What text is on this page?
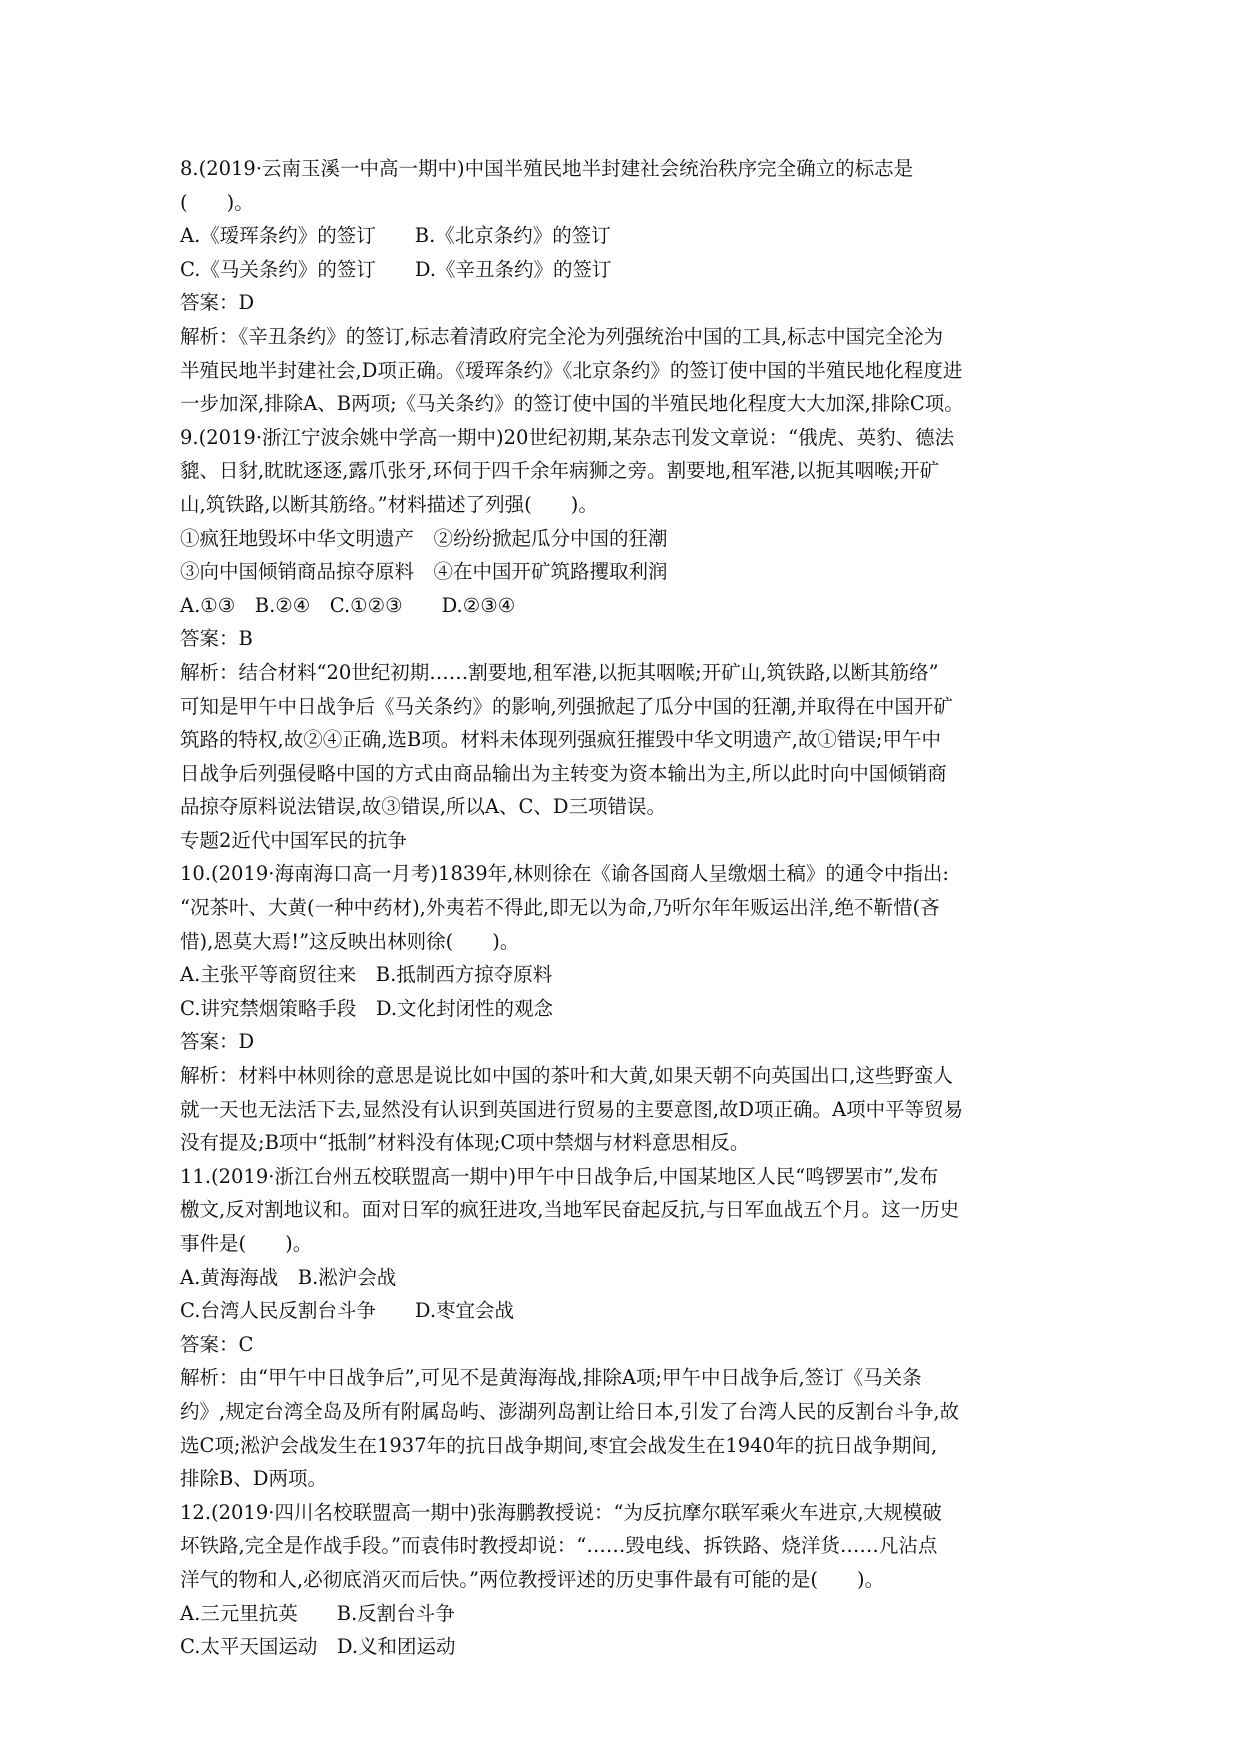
8.(2019·云南玉溪一中高一期中)中国半殖民地半封建社会统治秩序完全确立的标志是
(　　)。
A.《瑷珲条约》的签订　　B.《北京条约》的签订
C.《马关条约》的签订　　D.《辛丑条约》的签订
答案：D
解析：《辛丑条约》的签订,标志着清政府完全沦为列强统治中国的工具,标志中国完全沦为
半殖民地半封建社会,D项正确。《瑷珲条约》《北京条约》的签订使中国的半殖民地化程度进
一步加深,排除A、B两项;《马关条约》的签订使中国的半殖民地化程度大大加深,排除C项。
9.(2019·浙江宁波余姚中学高一期中)20世纪初期,某杂志刊发文章说：“俄虎、英豹、德法
貔、日豺,眈眈逐逐,露爪张牙,环伺于四千余年病狮之旁。割要地,租军港,以扼其咽喉;开矿
山,筑铁路,以断其筋络。”材料描述了列强(　　)。
①疯狂地毁坏中华文明遗产　②纷纷掀起瓜分中国的狂潮
③向中国倾销商品掠夺原料　④在中国开矿筑路攫取利润
A.①③　B.②④　C.①②③　　D.②③④
答案：B
解析：结合材料“20世纪初期……割要地,租军港,以扼其咽喉;开矿山,筑铁路,以断其筋络”
可知是甲午中日战争后《马关条约》的影响,列强掀起了瓜分中国的狂潮,并取得在中国开矿
筑路的特权,故②④正确,选B项。材料未体现列强疯狂摧毁中华文明遗产,故①错误;甲午中
日战争后列强侵略中国的方式由商品输出为主转变为资本输出为主,所以此时向中国倾销商
品掠夺原料说法错误,故③错误,所以A、C、D三项错误。
专题2近代中国军民的抗争
10.(2019·海南海口高一月考)1839年,林则徐在《谕各国商人呈缴烟土稿》的通令中指出:
“况茶叶、大黄(一种中药材),外夷若不得此,即无以为命,乃听尔年年贩运出洋,绝不靳惜(吝
惜),恩莫大焉!”这反映出林则徐(　　)。
A.主张平等商贸往来　B.抵制西方掠夺原料
C.讲究禁烟策略手段　D.文化封闭性的观念
答案：D
解析：材料中林则徐的意思是说比如中国的茶叶和大黄,如果天朝不向英国出口,这些野蛮人
就一天也无法活下去,显然没有认识到英国进行贸易的主要意图,故D项正确。A项中平等贸易
没有提及;B项中“抵制”材料没有体现;C项中禁烟与材料意思相反。
11.(2019·浙江台州五校联盟高一期中)甲午中日战争后,中国某地区人民“鸣锣罢市”,发布
檄文,反对割地议和。面对日军的疯狂进攻,当地军民奋起反抗,与日军血战五个月。这一历史
事件是(　　)。
A.黄海海战　B.淞沪会战
C.台湾人民反割台斗争　　D.枣宜会战
答案：C
解析：由“甲午中日战争后”,可见不是黄海海战,排除A项;甲午中日战争后,签订《马关条
约》,规定台湾全岛及所有附属岛屿、澎湖列岛割让给日本,引发了台湾人民的反割台斗争,故
选C项;淞沪会战发生在1937年的抗日战争期间,枣宜会战发生在1940年的抗日战争期间,
排除B、D两项。
12.(2019·四川名校联盟高一期中)张海鹏教授说：“为反抗摩尔联军乘火车进京,大规模破
坏铁路,完全是作战手段。”而袁伟时教授却说：“……毁电线、拆铁路、烧洋货……凡沾点
洋气的物和人,必彻底消灭而后快。”两位教授评述的历史事件最有可能的是(　　)。
A.三元里抗英　　B.反割台斗争
C.太平天国运动　D.义和团运动
